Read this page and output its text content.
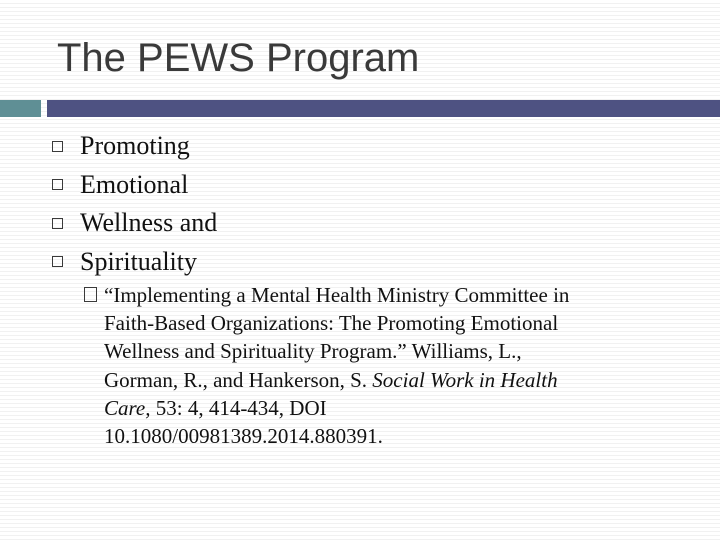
The PEWS Program
Promoting
Emotional
Wellness and
Spirituality

“Implementing a Mental Health Ministry Committee in
Faith-Based Organizations: The Promoting Emotional
Wellness and Spirituality Program.” Williams, L.,
Gorman, R., and Hankerson, S. Social Work in Health
Care, 53: 4, 414-434, DOI
10.1080/00981389.2014.880391.
